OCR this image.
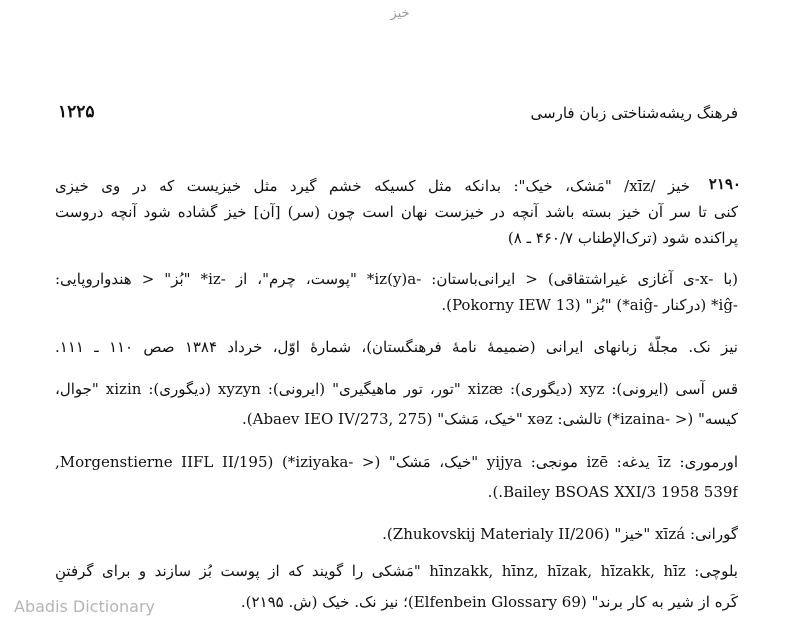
خیز
فرهنگ ریشه‌شناختی زبان فارسی
۱۲۲۵
۲۱۹۰
خیز /xīz/ "مَشک، خیک": بدانکه مثل کسیکه خشم گیرد مثل خیزیست که در وی خیزی
کنی تا سر آن خیز بسته باشد آنچه در خیزست نهان است چون (سر) [آن] خیز گشاده شود آنچه دروست
پراکنده شود (ترک‌الإطناب ۴۶۰/۷ ـ ۸)
(با -x-ی آغازی غیراشتقاقی) < ایرانی‌باستان: -iz(y)a* "پوست، چرم"، از -iz* "بُز" < هندواروپایی:
-iĝ* (درکنار -aiĝ*) "بُز" (Pokorny IEW 13).
نیز نک. مجلّهٔ زبانهای ایرانی (ضمیمهٔ نامهٔ فرهنگستان)، شمارهٔ اوّل، خرداد ۱۳۸۴ صص ۱۱۰ ـ ۱۱۱.
قس آسی (ایرونی): xyz (دیگوری): xizæ "تور، تور ماهیگیری" (ایرونی): xyzyn (دیگوری): xizin "جوال،
کیسه" (< -izaina*) تالشی: xəz "خیک، مَشک" (Abaev IEO IV/273, 275).
اورموری: īz یدغه: izē مونجی: yijya "خیک، مَشک" (< -iziyaka*) (Morgenstierne IIFL II/195,
Bailey BSOAS XXI/3 1958 539f.).
گورانی: xīzá "خیز" (Zhukovskij Materialy II/206).
بلوچی: hīnzakk, hīnz, hīzak, hīzakk, hīz "مَشکی را گویند که از پوست بُز سازند و برای گرفتنِ
کَره از شیر به کار برند" (Elfenbein Glossary 69)؛ نیز نک. خیک (ش. ۲۱۹۵).
Abadis Dictionary
